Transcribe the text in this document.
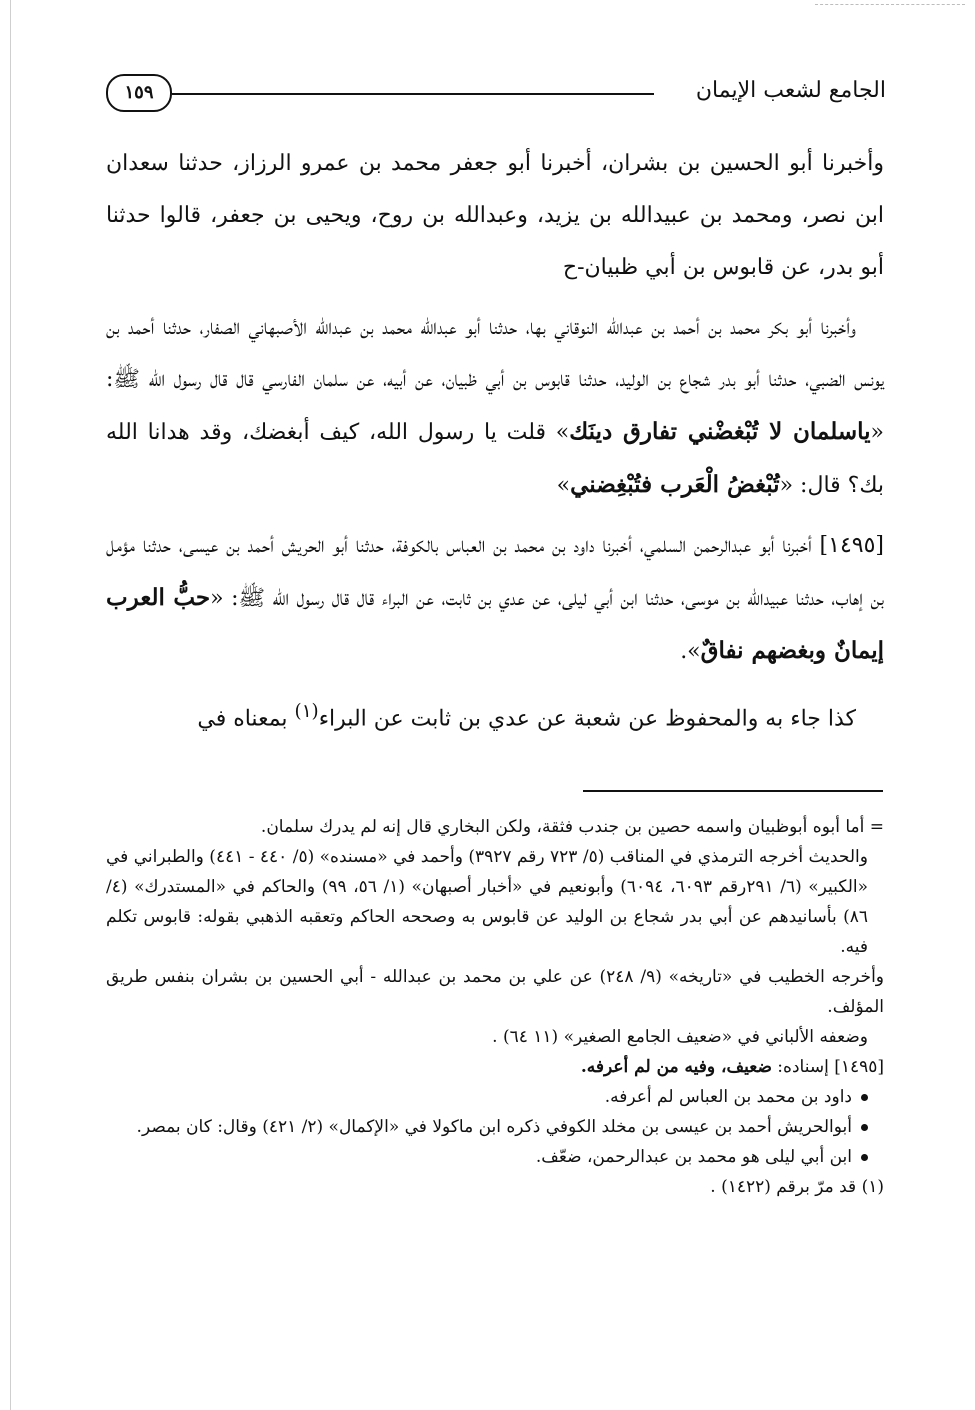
الجامع لشعب الإيمان
١٥٩

وأخبرنا أبو الحسين بن بشران، أخبرنا أبو جعفر محمد بن عمرو الرزاز، حدثنا سعدان ابن نصر، ومحمد بن عبيدالله بن يزيد، وعبدالله بن روح، ويحيى بن جعفر، قالوا حدثنا أبو بدر، عن قابوس بن أبي ظبيان-ح

وأخبرنا أبو بكر محمد بن أحمد بن عبدالله النوقاني بها، حدثنا أبو عبدالله محمد بن عبدالله الأصبهاني الصفار، حدثنا أحمد بن يونس الضبي، حدثنا أبو بدر شجاع بن الوليد، حدثنا قابوس بن أبي ظبيان، عن أبيه، عن سلمان الفارسي قال قال رسول الله ﷺ: «ياسلمان لا تُبْغضْني تفارق دينَك» قلت يا رسول الله، كيف أبغضك، وقد هدانا الله بك؟ قال: «تُبْغضُ الْعَرب فتُبْغِضني»

[١٤٩٥] أخبرنا أبو عبدالرحمن السلمي، أخبرنا داود بن محمد بن العباس بالكوفة، حدثنا أبو الحريش أحمد بن عيسى، حدثنا مؤمل بن إهاب، حدثنا عبيدالله بن موسى، حدثنا ابن أبي ليلى، عن عدي بن ثابت، عن البراء قال قال رسول الله ﷺ: «حبُّ العرب إيمانٌ وبغضهم نفاقٌ».

كذا جاء به والمحفوظ عن شعبة عن عدي بن ثابت عن البراء$^{(١)}$ بمعناه في

= أما أبوه أبوظبيان واسمه حصين بن جندب فثقة، ولكن البخاري قال إنه لم يدرك سلمان.

والحديث أخرجه الترمذي في المناقب (٥/ ٧٢٣ رقم ٣٩٢٧) وأحمد في «مسنده» (٥/ ٤٤٠ - ٤٤١) والطبراني في «الكبير» (٦/ ٢٩١رقم ٦٠٩٣، ٦٠٩٤) وأبونعيم في «أخبار أصبهان» (١/ ٥٦، ٩٩) والحاكم في «المستدرك» (٤/ ٨٦) بأسانيدهم عن أبي بدر شجاع بن الوليد عن قابوس به وصححه الحاكم وتعقبه الذهبي بقوله: قابوس تكلم فيه.

وأخرجه الخطيب في «تاريخه» (٩/ ٢٤٨) عن علي بن محمد بن عبدالله - أبي الحسين بن بشران بنفس طريق المؤلف.

وضعفه الألباني في «ضعيف الجامع الصغير» (١١ ٦٤) .

[١٤٩٥] إسناده: ضعيف، وفيه من لم أعرفه.

داود بن محمد بن العباس لم أعرفه.
أبوالحريش أحمد بن عيسى بن مخلد الكوفي ذكره ابن ماكولا في «الإكمال» (٢/ ٤٢١) وقال: كان بمصر.
ابن أبي ليلى هو محمد بن عبدالرحمن، ضعّف.

(١) قد مرّ برقم (١٤٢٢) .
